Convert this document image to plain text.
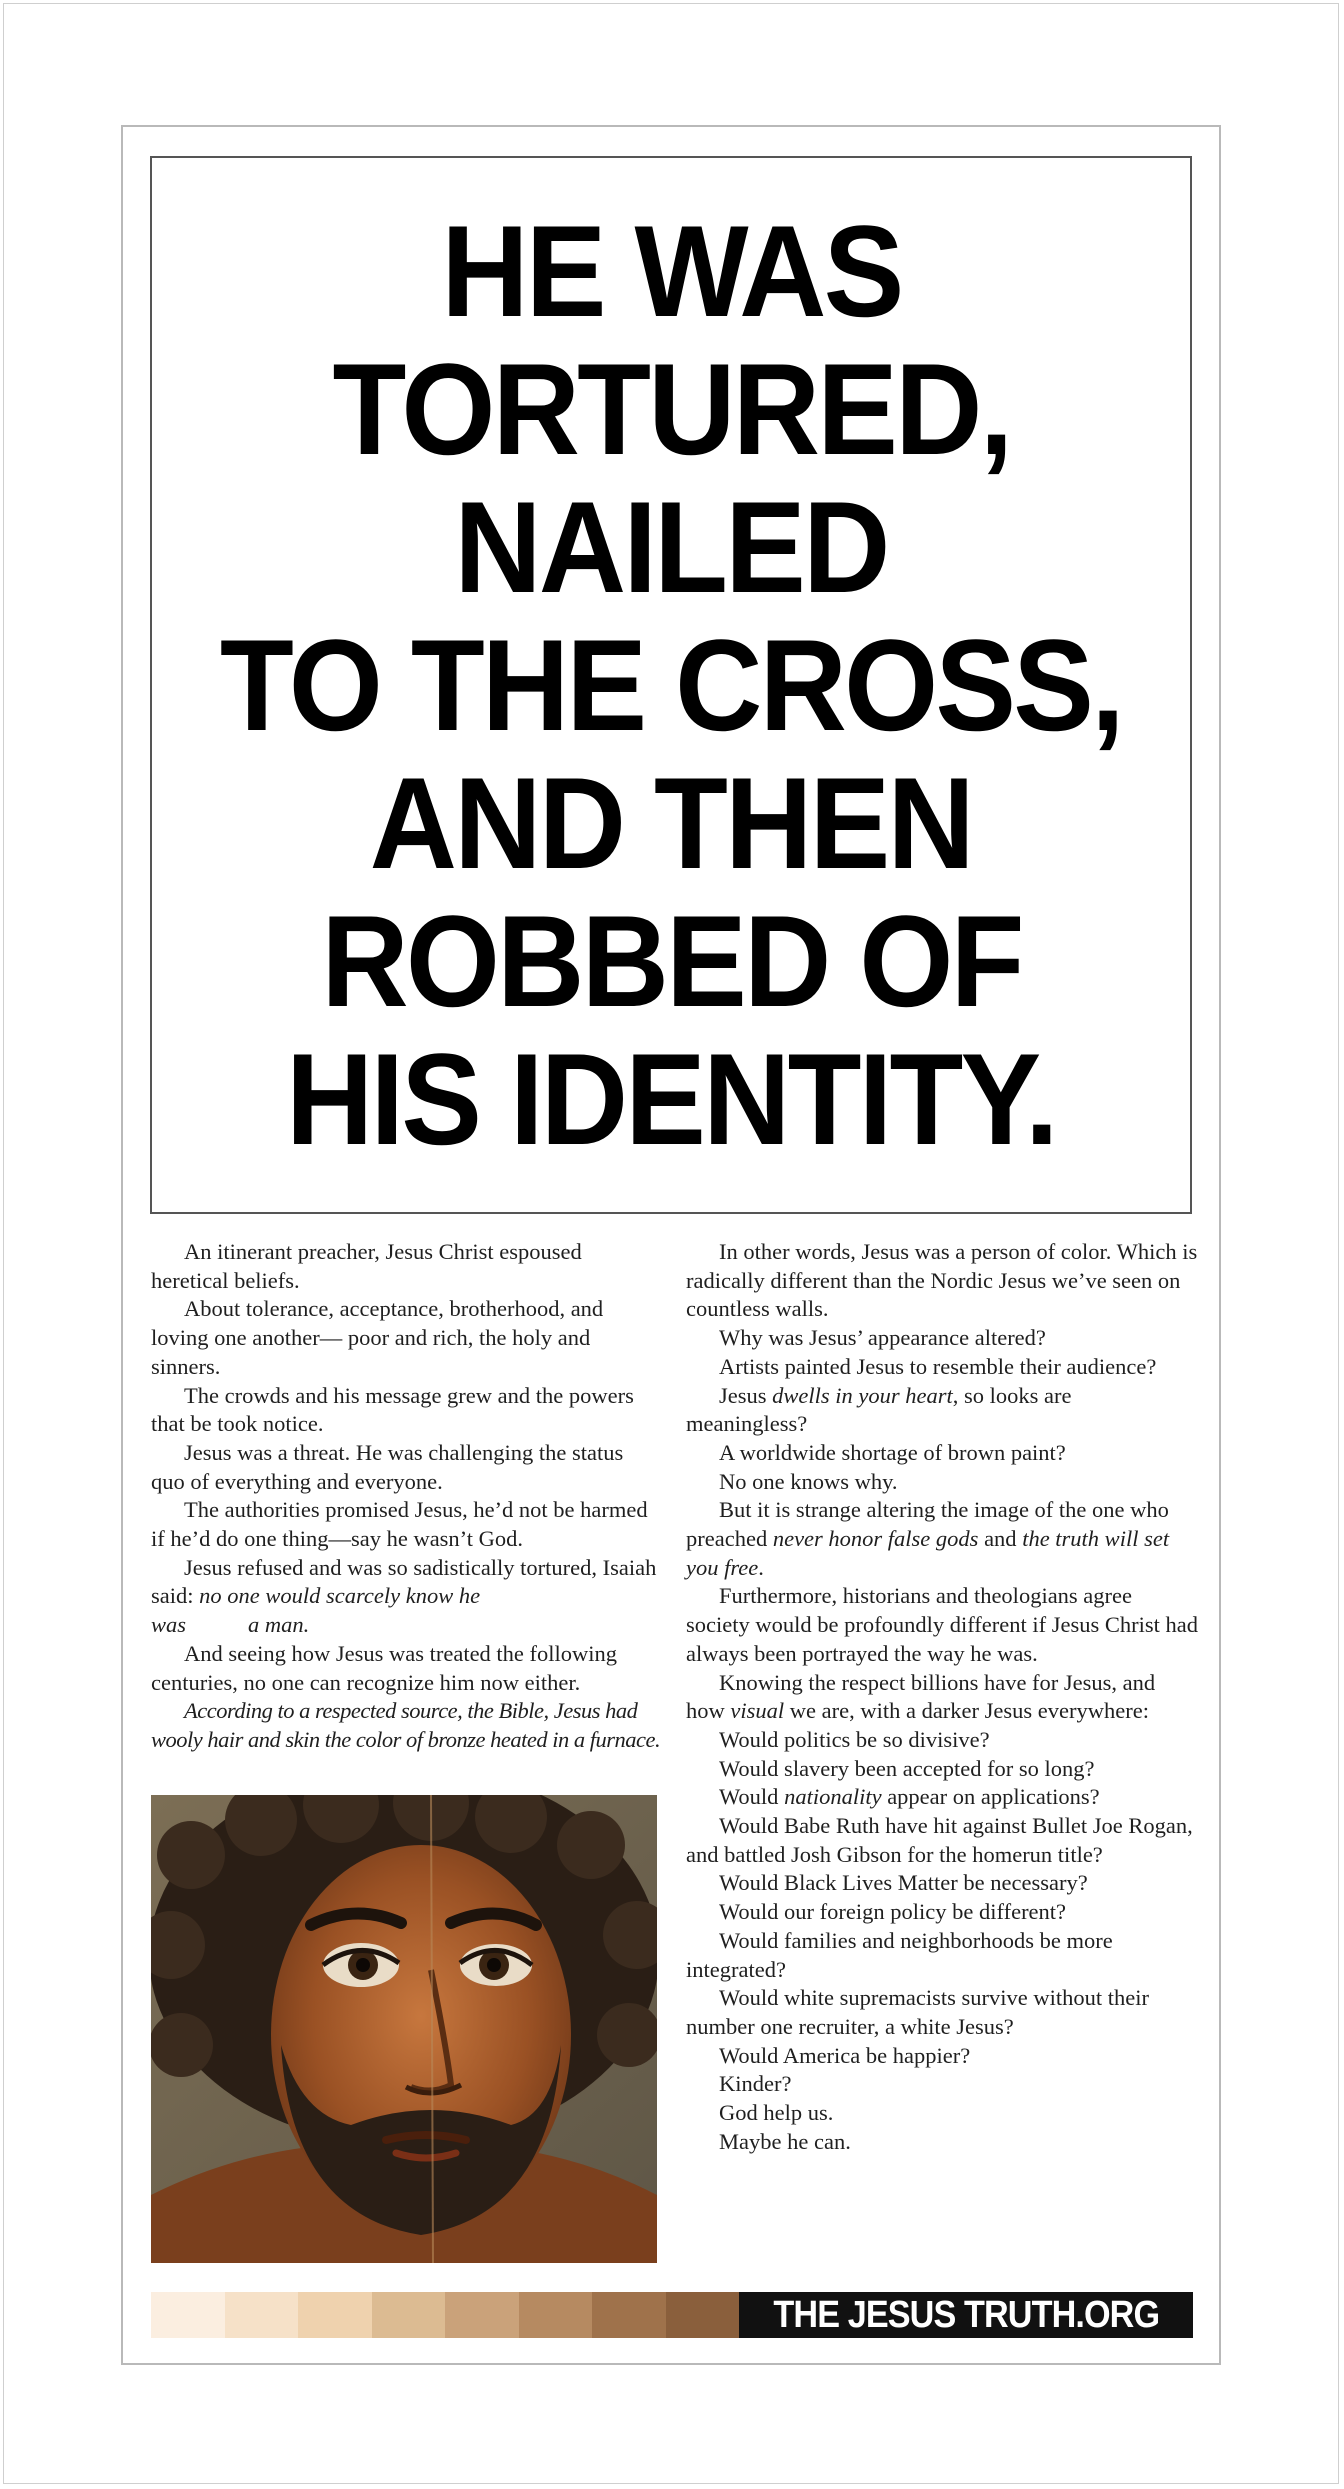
HE WAS
TORTURED,
NAILED
TO THE CROSS,
AND THEN
ROBBED OF
HIS IDENTITY.

An itinerant preacher, Jesus Christ espoused heretical beliefs.

About tolerance, acceptance, brotherhood, and loving one another— poor and rich, the holy and sinners.

The crowds and his message grew and the powers that be took notice.

Jesus was a threat. He was challenging the status quo of everything and everyone.

The authorities promised Jesus, he’d not be harmed if he’d do one thing—say he wasn’t God.

Jesus refused and was so sadistically tortured, Isaiah said: no one would scarcely know he

was	a man.

And seeing how Jesus was treated the following centuries, no one can recognize him now either.

According to a respected source, the Bible, Jesus had wooly hair and skin the color of bronze heated in a furnace.

In other words, Jesus was a person of color. Which is radically different than the Nordic Jesus we’ve seen on countless walls.

Why was Jesus’ appearance altered?

Artists painted Jesus to resemble their audience?

Jesus dwells in your heart, so looks are meaningless?

A worldwide shortage of brown paint?

No one knows why.

But it is strange altering the image of the one who preached never honor false gods and the truth will set you free.

Furthermore, historians and theologians agree society would be profoundly different if Jesus Christ had always been portrayed the way he was.

Knowing the respect billions have for Jesus, and how visual we are, with a darker Jesus everywhere:

Would politics be so divisive?

Would slavery been accepted for so long?

Would nationality appear on applications?

Would Babe Ruth have hit against Bullet Joe Rogan, and battled Josh Gibson for the homerun title?

Would Black Lives Matter be necessary?

Would our foreign policy be different?

Would families and neighborhoods be more integrated?

Would white supremacists survive without their number one recruiter, a white Jesus?

Would America be happier?

Kinder?

God help us.

Maybe he can.

THE JESUS TRUTH.ORG
